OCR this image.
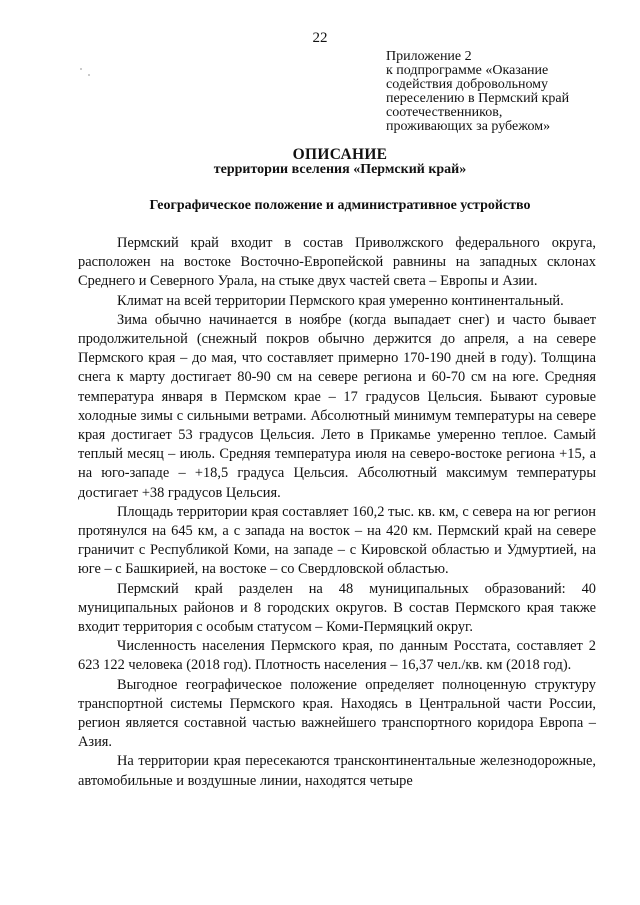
22
Приложение 2
к подпрограмме «Оказание
содействия добровольному
переселению в Пермский край
соотечественников,
проживающих за рубежом»
ОПИСАНИЕ
территории вселения «Пермский край»
Географическое положение и административное устройство

Пермский край входит в состав Приволжского федерального округа, расположен на востоке Восточно-Европейской равнины на западных склонах Среднего и Северного Урала, на стыке двух частей света – Европы и Азии.

Климат на всей территории Пермского края умеренно континентальный.

Зима обычно начинается в ноябре (когда выпадает снег) и часто бывает продолжительной (снежный покров обычно держится до апреля, а на севере Пермского края – до мая, что составляет примерно 170-190 дней в году). Толщина снега к марту достигает 80-90 см на севере региона и 60-70 см на юге. Средняя температура января в Пермском крае – 17 градусов Цельсия. Бывают суровые холодные зимы с сильными ветрами. Абсолютный минимум температуры на севере края достигает 53 градусов Цельсия. Лето в Прикамье умеренно теплое. Самый теплый месяц – июль. Средняя температура июля на северо-востоке региона +15, а на юго-западе – +18,5 градуса Цельсия. Абсолютный максимум температуры достигает +38 градусов Цельсия.

Площадь территории края составляет 160,2 тыс. кв. км, с севера на юг регион протянулся на 645 км, а с запада на восток – на 420 км. Пермский край на севере граничит с Республикой Коми, на западе – с Кировской областью и Удмуртией, на юге – с Башкирией, на востоке – со Свердловской областью.

Пермский край разделен на 48 муниципальных образований: 40 муниципальных районов и 8 городских округов. В состав Пермского края также входит территория с особым статусом – Коми-Пермяцкий округ.

Численность населения Пермского края, по данным Росстата, составляет 2 623 122 человека (2018 год). Плотность населения – 16,37 чел./кв. км (2018 год).

Выгодное географическое положение определяет полноценную структуру транспортной системы Пермского края. Находясь в Центральной части России, регион является составной частью важнейшего транспортного коридора Европа – Азия.

На территории края пересекаются трансконтинентальные железнодорожные, автомобильные и воздушные линии, находятся четыре
